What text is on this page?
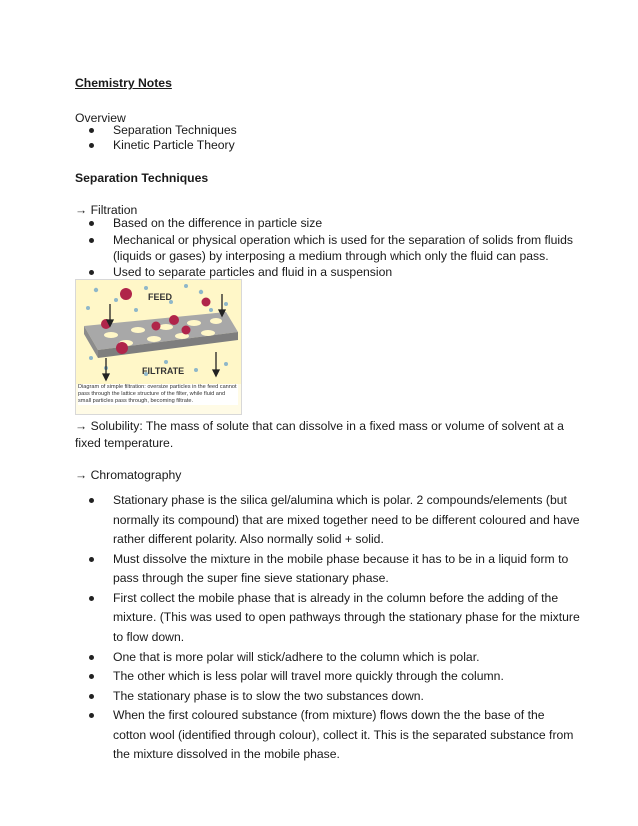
Chemistry Notes
Overview
Separation Techniques
Kinetic Particle Theory
Separation Techniques
→ Filtration
Based on the difference in particle size
Mechanical or physical operation which is used for the separation of solids from fluids
(liquids or gases) by interposing a medium through which only the fluid can pass.
Used to separate particles and fluid in a suspension
FEED
FILTRATE
Diagram of simple filtration: oversize particles in the feed cannot pass through the lattice structure of the filter, while fluid and small particles pass through, becoming filtrate.
→ Solubility: The mass of solute that can dissolve in a fixed mass or volume of solvent at a
fixed temperature.
→ Chromatography
Stationary phase is the silica gel/alumina which is polar. 2 compounds/elements (but
normally its compound) that are mixed together need to be different coloured and have
rather different polarity. Also normally solid + solid.
Must dissolve the mixture in the mobile phase because it has to be in a liquid form to
pass through the super fine sieve stationary phase.
First collect the mobile phase that is already in the column before the adding of the
mixture. (This was used to open pathways through the stationary phase for the mixture
to flow down.
One that is more polar will stick/adhere to the column which is polar.
The other which is less polar will travel more quickly through the column.
The stationary phase is to slow the two substances down.
When the first coloured substance (from mixture) flows down the the base of the
cotton wool (identified through colour), collect it. This is the separated substance from
the mixture dissolved in the mobile phase.
